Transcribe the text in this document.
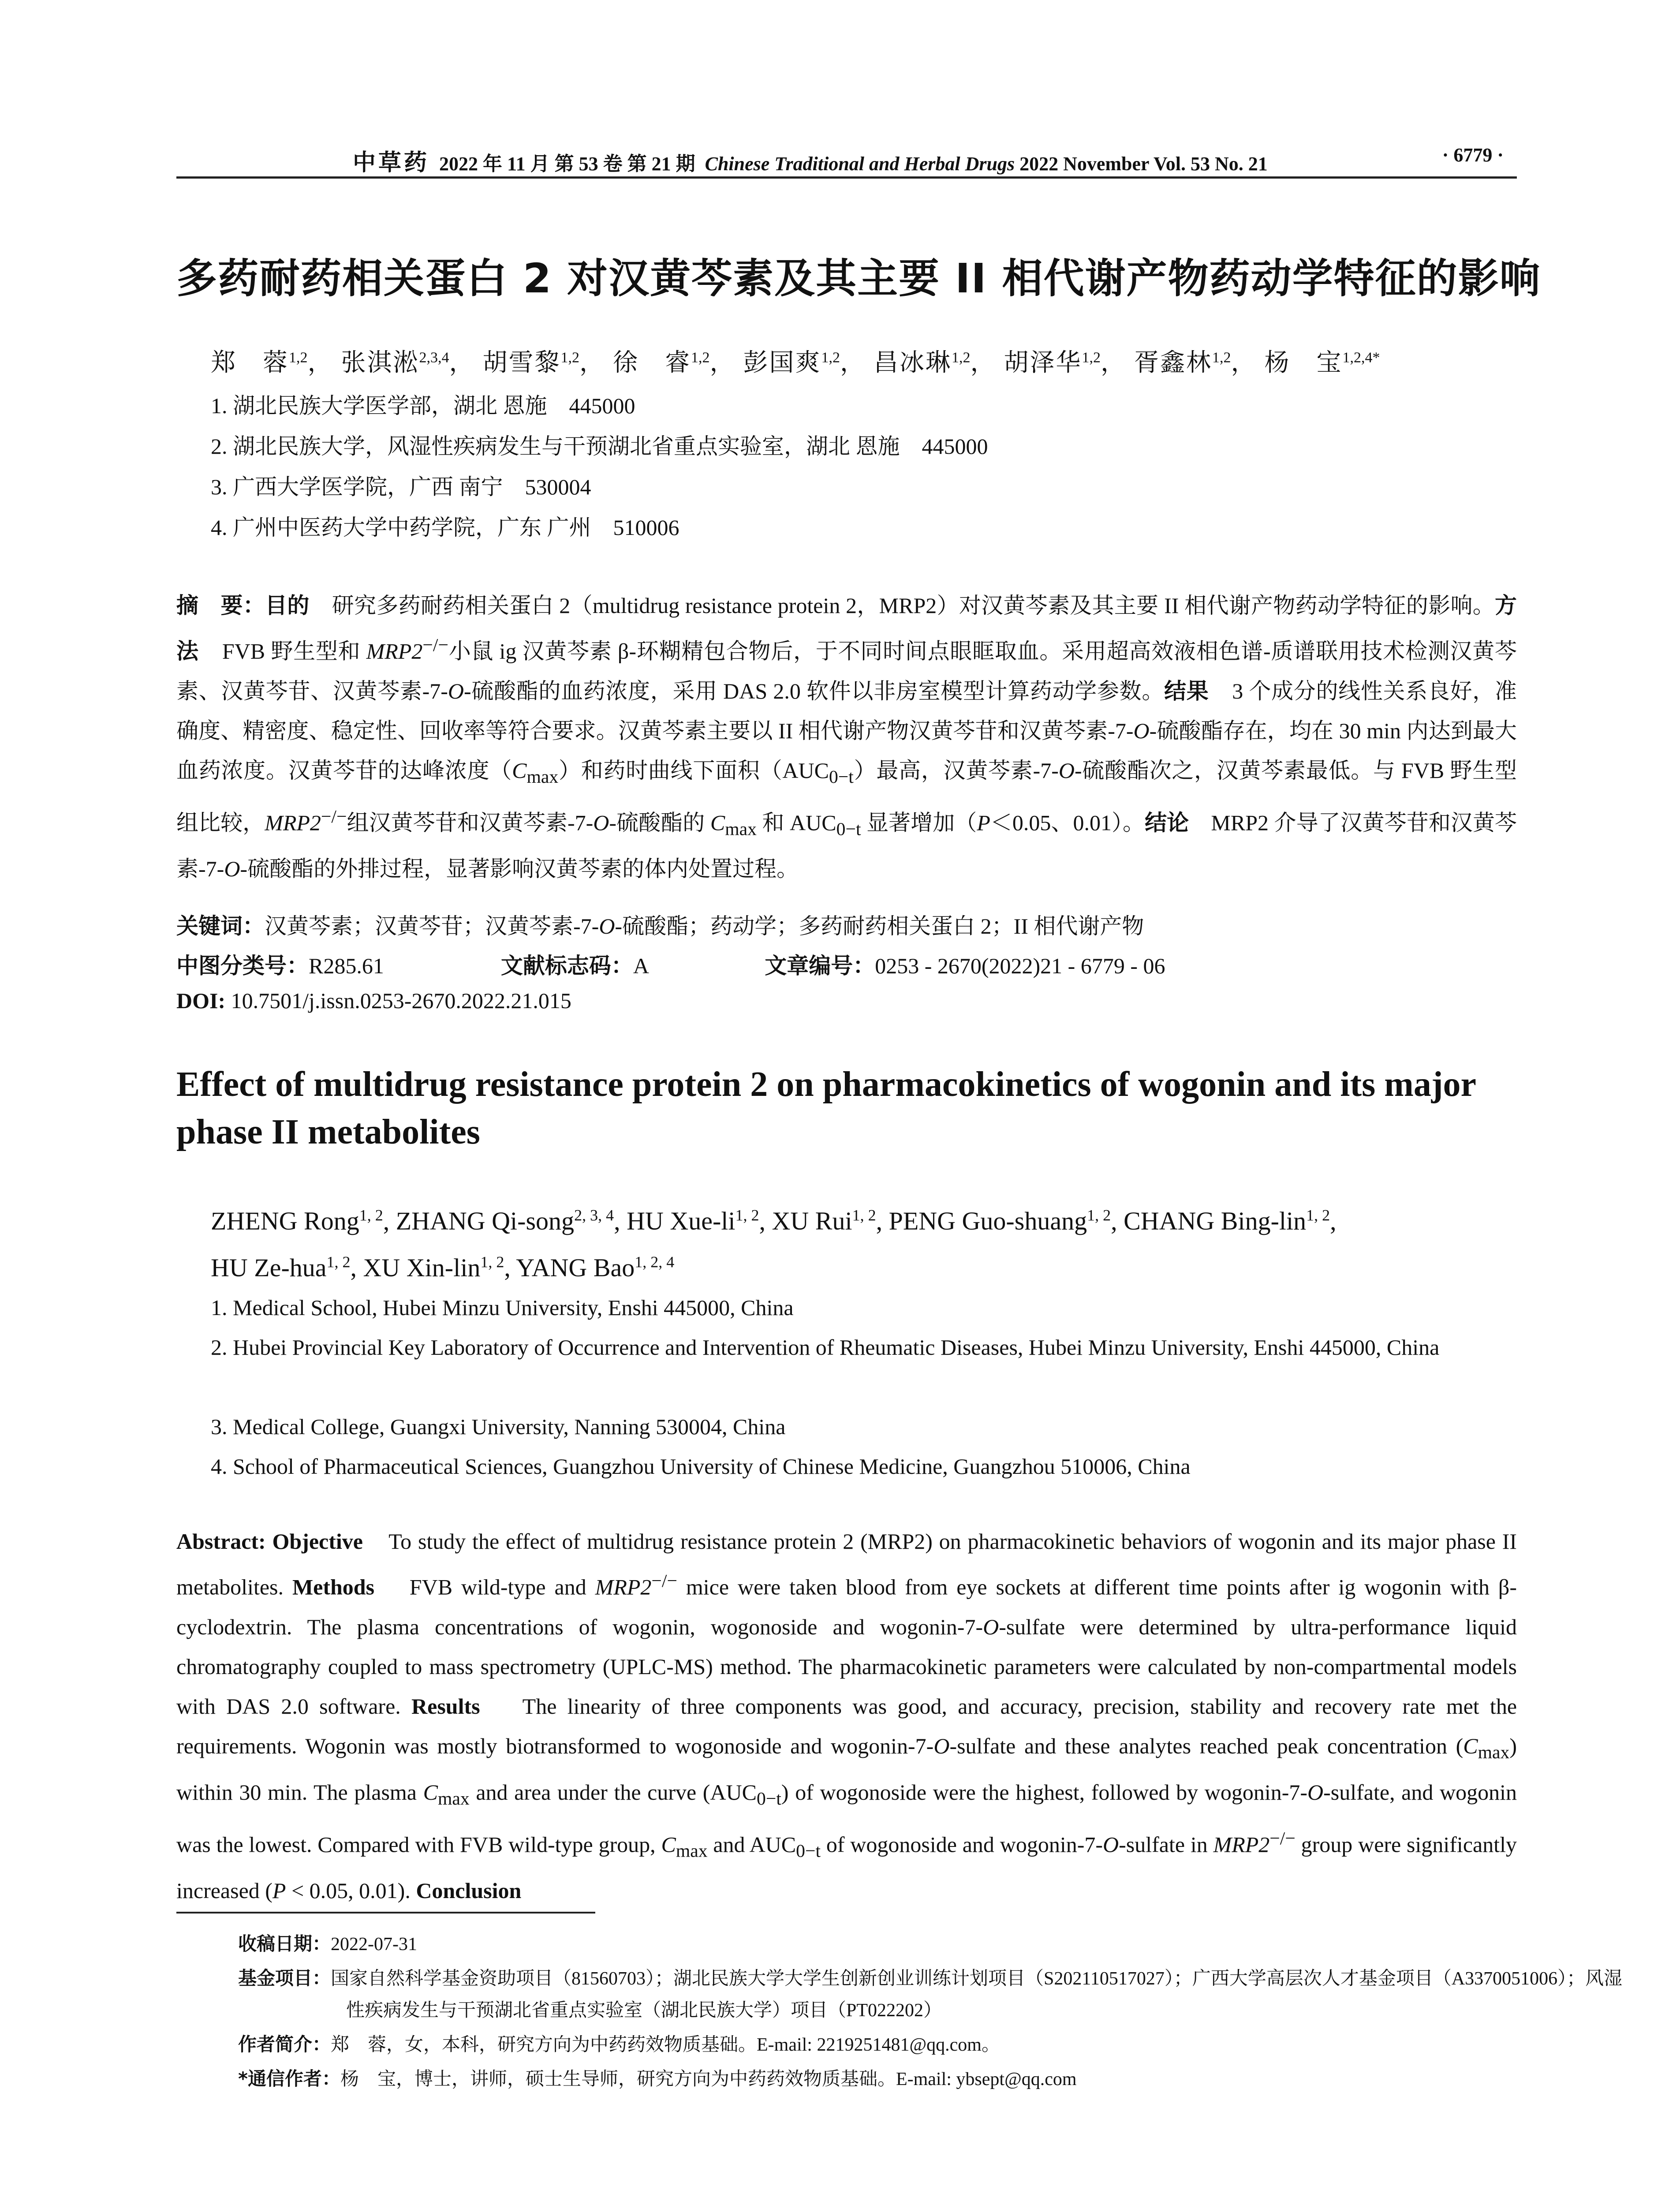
中草药 2022 年 11 月 第 53 卷 第 21 期 Chinese Traditional and Herbal Drugs 2022 November Vol. 53 No. 21	· 6779 ·
多药耐药相关蛋白 2 对汉黄芩素及其主要 II 相代谢产物药动学特征的影响
郑　蓉$^{1,2}$， 张淇淞$^{2,3,4}$， 胡雪黎$^{1,2}$， 徐　睿$^{1,2}$， 彭国爽$^{1,2}$， 昌冰琳$^{1,2}$， 胡泽华$^{1,2}$， 胥鑫林$^{1,2}$， 杨　宝$^{1,2,4*}$
1. 湖北民族大学医学部，湖北 恩施　445000
2. 湖北民族大学，风湿性疾病发生与干预湖北省重点实验室，湖北 恩施　445000
3. 广西大学医学院，广西 南宁　530004
4. 广州中医药大学中药学院，广东 广州　510006
摘　要：目的 研究多药耐药相关蛋白 2（multidrug resistance protein 2，MRP2）对汉黄芩素及其主要 II 相代谢产物药动学特征的影响。方法 FVB 野生型和 MRP2−/−小鼠 ig 汉黄芩素 β-环糊精包合物后，于不同时间点眼眶取血。采用超高效液相色谱-质谱联用技术检测汉黄芩素、汉黄芩苷、汉黄芩素-7-O-硫酸酯的血药浓度，采用 DAS 2.0 软件以非房室模型计算药动学参数。结果 3 个成分的线性关系良好，准确度、精密度、稳定性、回收率等符合要求。汉黄芩素主要以 II 相代谢产物汉黄芩苷和汉黄芩素-7-O-硫酸酯存在，均在 30 min 内达到最大血药浓度。汉黄芩苷的达峰浓度$(C_{max})$和药时曲线下面积$(AUC_{0-t})$最高，汉黄芩素-7-O-硫酸酯次之，汉黄芩素最低。与 FVB 野生型组比较，MRP2−/−组汉黄芩苷和汉黄芩素-7-O-硫酸酯的 $C_{max}$ 和 $AUC_{0-t}$ 显著增加（P＜0.05、0.01）。结论 MRP2 介导了汉黄芩苷和汉黄芩素-7-O-硫酸酯的外排过程，显著影响汉黄芩素的体内处置过程。
关键词：汉黄芩素；汉黄芩苷；汉黄芩素-7-O-硫酸酯；药动学；多药耐药相关蛋白 2；II 相代谢产物
中图分类号：R285.61	文献标志码：A	文章编号：0253 - 2670(2022)21 - 6779 - 06
DOI: 10.7501/j.issn.0253-2670.2022.21.015
Effect of multidrug resistance protein 2 on pharmacokinetics of wogonin and its major phase II metabolites
ZHENG Rong$^{1, 2}$, ZHANG Qi-song$^{2, 3, 4}$, HU Xue-li$^{1, 2}$, XU Rui$^{1, 2}$, PENG Guo-shuang$^{1, 2}$, CHANG Bing-lin$^{1, 2}$,
HU Ze-hua$^{1, 2}$, XU Xin-lin$^{1, 2}$, YANG Bao$^{1, 2, 4}$
1. Medical School, Hubei Minzu University, Enshi 445000, China
2. Hubei Provincial Key Laboratory of Occurrence and Intervention of Rheumatic Diseases, Hubei Minzu University, Enshi 445000, China
3. Medical College, Guangxi University, Nanning 530004, China
4. School of Pharmaceutical Sciences, Guangzhou University of Chinese Medicine, Guangzhou 510006, China
Abstract: Objective To study the effect of multidrug resistance protein 2 (MRP2) on pharmacokinetic behaviors of wogonin and its major phase II metabolites. Methods FVB wild-type and MRP2−/− mice were taken blood from eye sockets at different time points after ig wogonin with β-cyclodextrin. The plasma concentrations of wogonin, wogonoside and wogonin-7-O-sulfate were determined by ultra-performance liquid chromatography coupled to mass spectrometry (UPLC-MS) method. The pharmacokinetic parameters were calculated by non-compartmental models with DAS 2.0 software. Results The linearity of three components was good, and accuracy, precision, stability and recovery rate met the requirements. Wogonin was mostly biotransformed to wogonoside and wogonin-7-O-sulfate and these analytes reached peak concentration $(C_{max})$ within 30 min. The plasma $C_{max}$ and area under the curve $(AUC_{0-t})$ of wogonoside were the highest, followed by wogonin-7-O-sulfate, and wogonin was the lowest. Compared with FVB wild-type group, $C_{max}$ and $AUC_{0-t}$ of wogonoside and wogonin-7-O-sulfate in MRP2−/− group were significantly increased (P < 0.05, 0.01). Conclusion
收稿日期：2022-07-31
基金项目：国家自然科学基金资助项目（81560703）；湖北民族大学大学生创新创业训练计划项目（S202110517027）；广西大学高层次人才基金项目（A3370051006）；风湿性疾病发生与干预湖北省重点实验室（湖北民族大学）项目（PT022202）
作者简介：郑　蓉，女，本科，研究方向为中药药效物质基础。E-mail: 2219251481@qq.com。
*通信作者：杨　宝，博士，讲师，硕士生导师，研究方向为中药药效物质基础。E-mail: ybsept@qq.com
